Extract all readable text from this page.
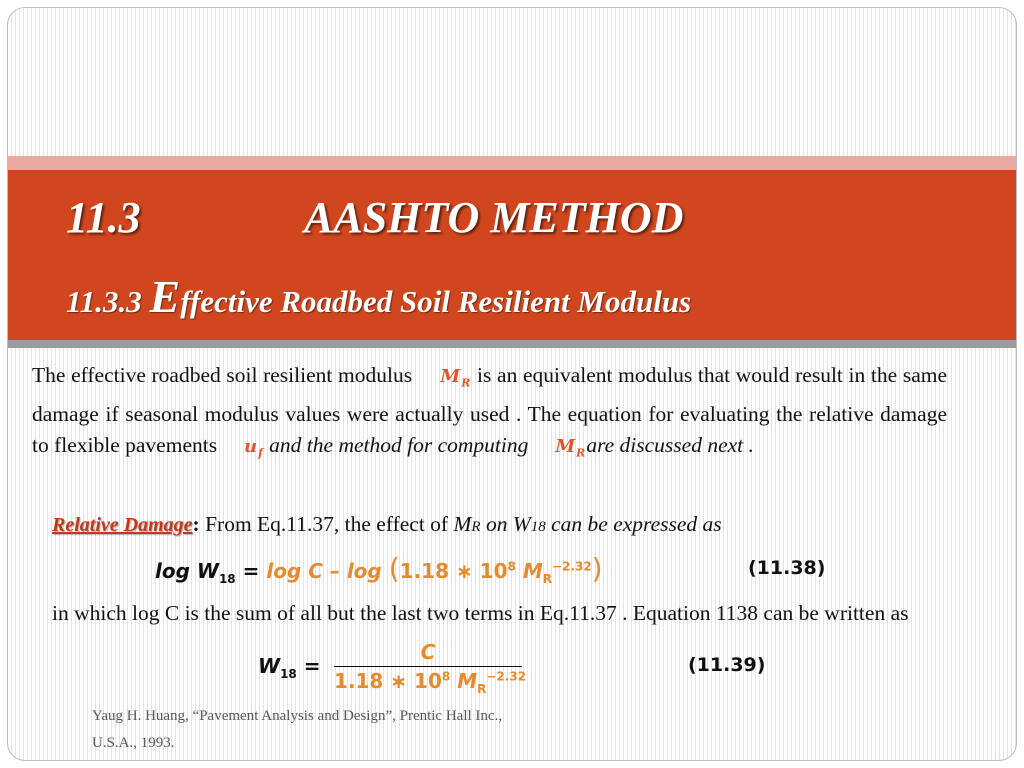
11.3	AASHTO METHOD
11.3.3 Effective Roadbed Soil Resilient Modulus
The effective roadbed soil resilient modulus $M_R$ is an equivalent modulus that would result in the same damage if seasonal modulus values were actually used . The equation for evaluating the relative damage to flexible pavements $u_f$ and the method for computing $M_Rare$ discussed next .
Relative Damage: From Eq.11.37, the effect of MR on W18 can be expressed as
$\log W_{18} = \log C - \log (1.18$ ∗ $10^8$ $M_R^{-2.32}$)	(11.38)
in which log C is the sum of all but the last two terms in Eq.11.37 . Equation 1138 can be written as
$W_{18}$ =
C
1.18 ∗ $10^8$ $M_R^{-2.32}$
(11.39)
Yaug H. Huang, “Pavement Analysis and Design”, Prentic Hall Inc.,
U.S.A., 1993.
